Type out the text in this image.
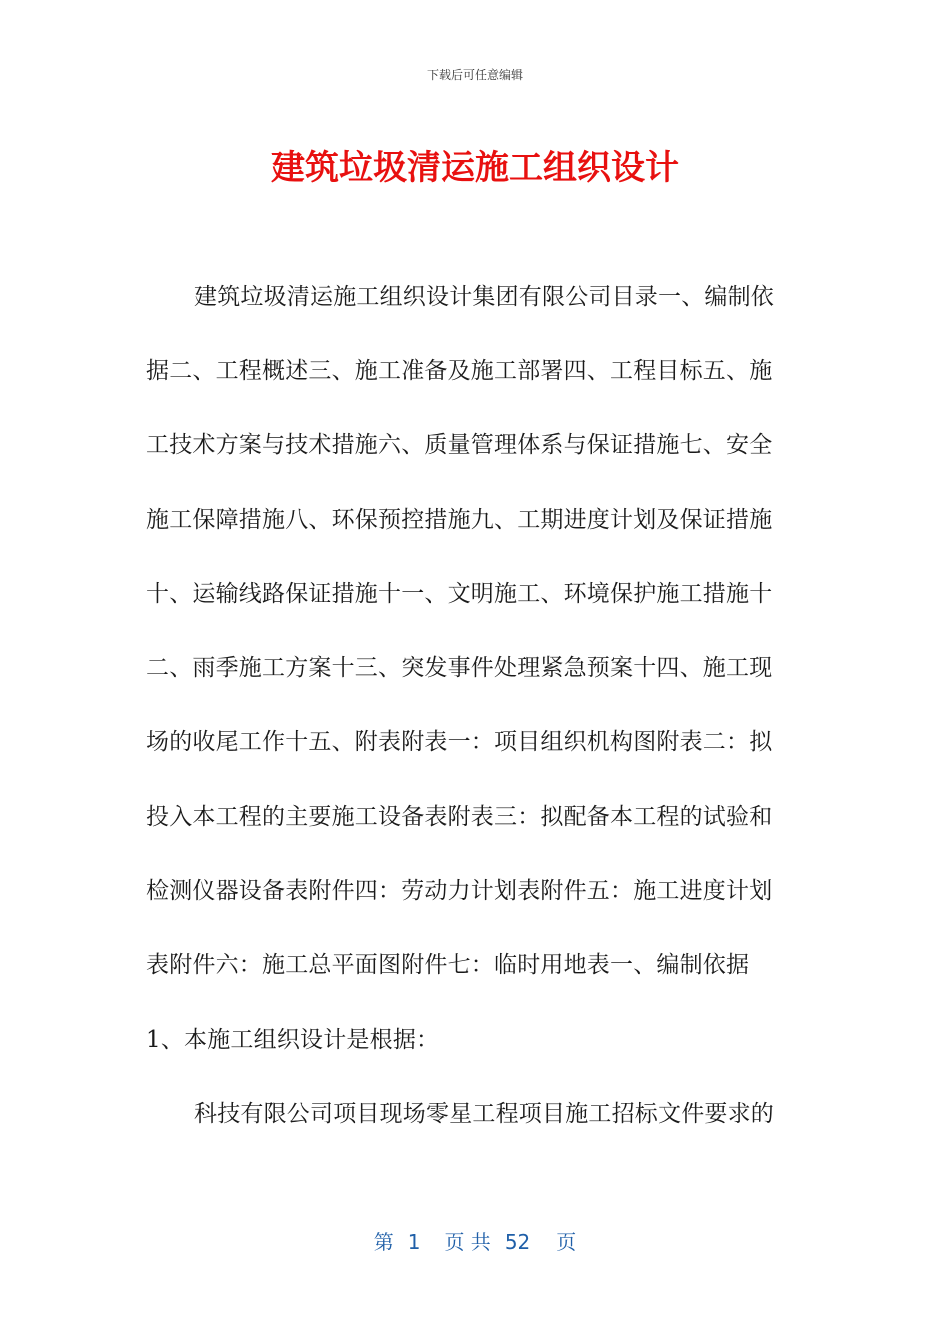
下载后可任意编辑
建筑垃圾清运施工组织设计
建筑垃圾清运施工组织设计集团有限公司目录一、编制依
据二、工程概述三、施工准备及施工部署四、工程目标五、施
工技术方案与技术措施六、质量管理体系与保证措施七、安全
施工保障措施八、环保预控措施九、工期进度计划及保证措施
十、运输线路保证措施十一、文明施工、环境保护施工措施十
二、雨季施工方案十三、突发事件处理紧急预案十四、施工现
场的收尾工作十五、附表附表一：项目组织机构图附表二：拟
投入本工程的主要施工设备表附表三：拟配备本工程的试验和
检测仪器设备表附件四：劳动力计划表附件五：施工进度计划
表附件六：施工总平面图附件七：临时用地表一、编制依据
1、本施工组织设计是根据：
科技有限公司项目现场零星工程项目施工招标文件要求的
第 1 页 共 52 页
